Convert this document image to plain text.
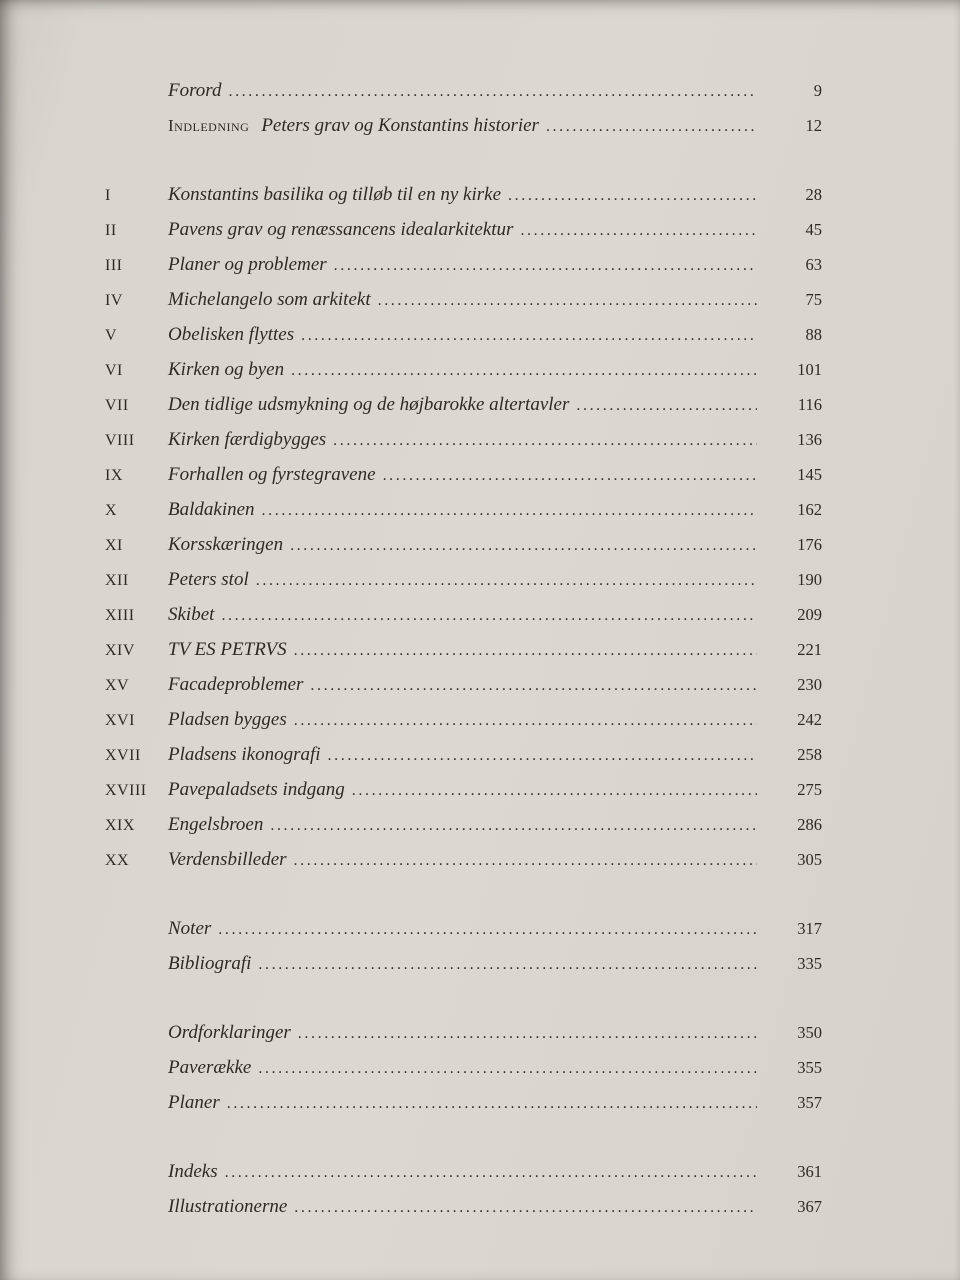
Forord .....	9
Indledning Peters grav og Konstantins historier .....	12
I	Konstantins basilika og tilløb til en ny kirke .....	28
II	Pavens grav og renæssancens idealarkitektur .....	45
III	Planer og problemer .....	63
IV	Michelangelo som arkitekt .....	75
V	Obelisken flyttes .....	88
VI	Kirken og byen .....	101
VII	Den tidlige udsmykning og de højbarokke altertavler .....	116
VIII	Kirken færdigbygges .....	136
IX	Forhallen og fyrstegravene .....	145
X	Baldakinen .....	162
XI	Korsskæringen .....	176
XII	Peters stol .....	190
XIII	Skibet .....	209
XIV	TV ES PETRVS .....	221
XV	Facadeproblemer .....	230
XVI	Pladsen bygges .....	242
XVII	Pladsens ikonografi .....	258
XVIII	Pavepaladsets indgang .....	275
XIX	Engelsbroen .....	286
XX	Verdensbilleder .....	305
Noter .....	317
Bibliografi .....	335
Ordforklaringer .....	350
Paverække .....	355
Planer .....	357
Indeks .....	361
Illustrationerne .....	367
